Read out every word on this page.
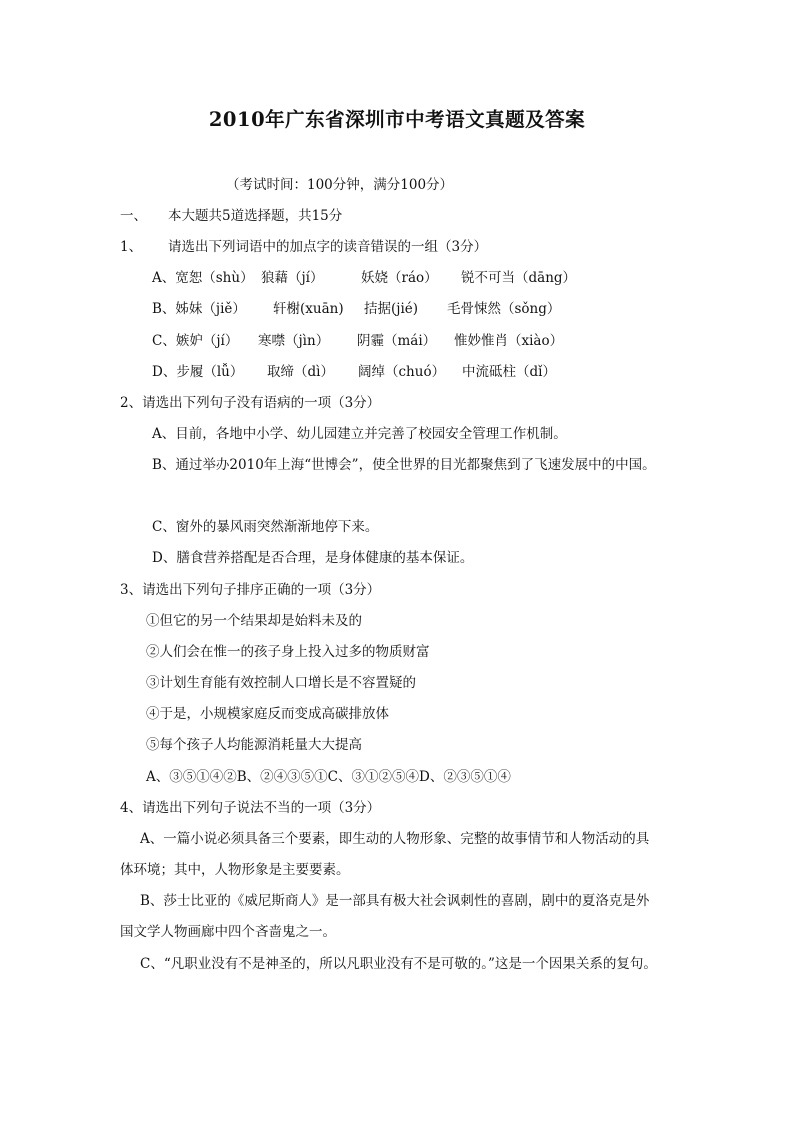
2010年广东省深圳市中考语文真题及答案
（考试时间：100分钟，满分100分）
一、 本大题共5道选择题，共15分
1、 请选出下列词语中的加点字的读音错误的一组（3分）
A、宽恕（shù） 狼藉（jí）	妖娆（ráo） 锐不可当（dāng）
B、姊妹（jiě） 轩榭(xuān) 拮据(jié) 毛骨悚然（sǒng）
C、嫉妒（jí） 寒噤（jìn） 阴霾（mái） 惟妙惟肖（xiào）
D、步履（lǚ） 取缔（dì） 阔绰（chuó） 中流砥柱（dǐ）
2、请选出下列句子没有语病的一项（3分）
A、目前，各地中小学、幼儿园建立并完善了校园安全管理工作机制。
B、通过举办2010年上海“世博会”，使全世界的目光都聚焦到了飞速发展中的中国。
C、窗外的暴风雨突然渐渐地停下来。
D、膳食营养搭配是否合理，是身体健康的基本保证。
3、请选出下列句子排序正确的一项（3分）
①但它的另一个结果却是始料未及的
②人们会在惟一的孩子身上投入过多的物质财富
③计划生育能有效控制人口增长是不容置疑的
④于是，小规模家庭反而变成高碳排放体
⑤每个孩子人均能源消耗量大大提高
A、③⑤①④②B、②④③⑤①C、③①②⑤④D、②③⑤①④
4、请选出下列句子说法不当的一项（3分）
A、一篇小说必须具备三个要素，即生动的人物形象、完整的故事情节和人物活动的具
体环境；其中，人物形象是主要要素。
B、莎士比亚的《威尼斯商人》是一部具有极大社会讽刺性的喜剧，剧中的夏洛克是外
国文学人物画廊中四个吝啬鬼之一。
C、“凡职业没有不是神圣的，所以凡职业没有不是可敬的。”这是一个因果关系的复句。
